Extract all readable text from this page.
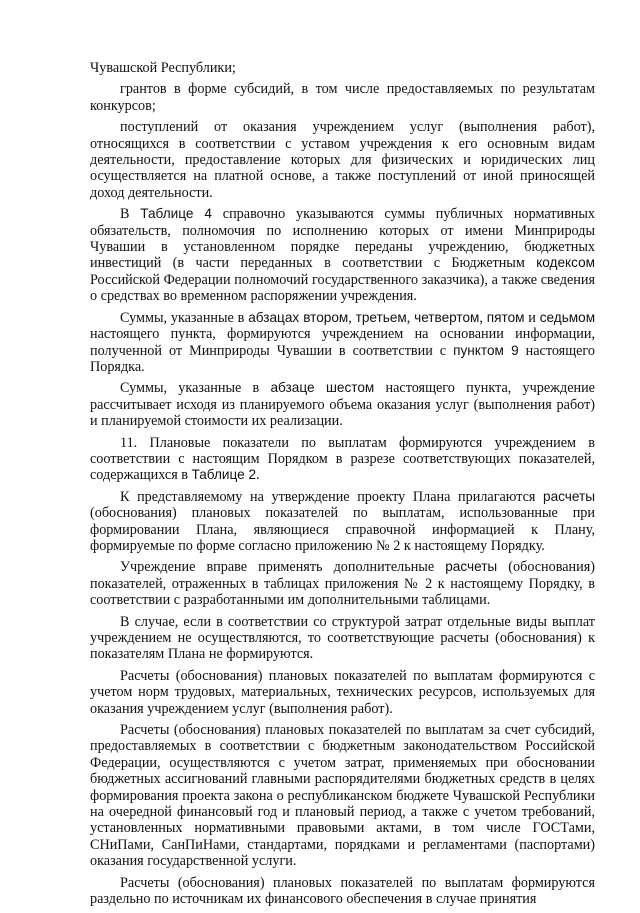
Чувашской Республики;

грантов в форме субсидий, в том числе предоставляемых по результатам конкурсов;

поступлений от оказания учреждением услуг (выполнения работ), относящихся в соответствии с уставом учреждения к его основным видам деятельности, предоставление которых для физических и юридических лиц осуществляется на платной основе, а также поступлений от иной приносящей доход деятельности.

В Таблице 4 справочно указываются суммы публичных нормативных обязательств, полномочия по исполнению которых от имени Минприроды Чувашии в установленном порядке переданы учреждению, бюджетных инвестиций (в части переданных в соответствии с Бюджетным кодексом Российской Федерации полномочий государственного заказчика), а также сведения о средствах во временном распоряжении учреждения.

Суммы, указанные в абзацах втором, третьем, четвертом, пятом и седьмом настоящего пункта, формируются учреждением на основании информации, полученной от Минприроды Чувашии в соответствии с пунктом 9 настоящего Порядка.

Суммы, указанные в абзаце шестом настоящего пункта, учреждение рассчитывает исходя из планируемого объема оказания услуг (выполнения работ) и планируемой стоимости их реализации.

11. Плановые показатели по выплатам формируются учреждением в соответствии с настоящим Порядком в разрезе соответствующих показателей, содержащихся в Таблице 2.

К представляемому на утверждение проекту Плана прилагаются расчеты (обоснования) плановых показателей по выплатам, использованные при формировании Плана, являющиеся справочной информацией к Плану, формируемые по форме согласно приложению № 2 к настоящему Порядку.

Учреждение вправе применять дополнительные расчеты (обоснования) показателей, отраженных в таблицах приложения № 2 к настоящему Порядку, в соответствии с разработанными им дополнительными таблицами.

В случае, если в соответствии со структурой затрат отдельные виды выплат учреждением не осуществляются, то соответствующие расчеты (обоснования) к показателям Плана не формируются.

Расчеты (обоснования) плановых показателей по выплатам формируются с учетом норм трудовых, материальных, технических ресурсов, используемых для оказания учреждением услуг (выполнения работ).

Расчеты (обоснования) плановых показателей по выплатам за счет субсидий, предоставляемых в соответствии с бюджетным законодательством Российской Федерации, осуществляются с учетом затрат, применяемых при обосновании бюджетных ассигнований главными распорядителями бюджетных средств в целях формирования проекта закона о республиканском бюджете Чувашской Республики на очередной финансовый год и плановый период, а также с учетом требований, установленных нормативными правовыми актами, в том числе ГОСТами, СНиПами, СанПиНами, стандартами, порядками и регламентами (паспортами) оказания государственной услуги.

Расчеты (обоснования) плановых показателей по выплатам формируются раздельно по источникам их финансового обеспечения в случае принятия
